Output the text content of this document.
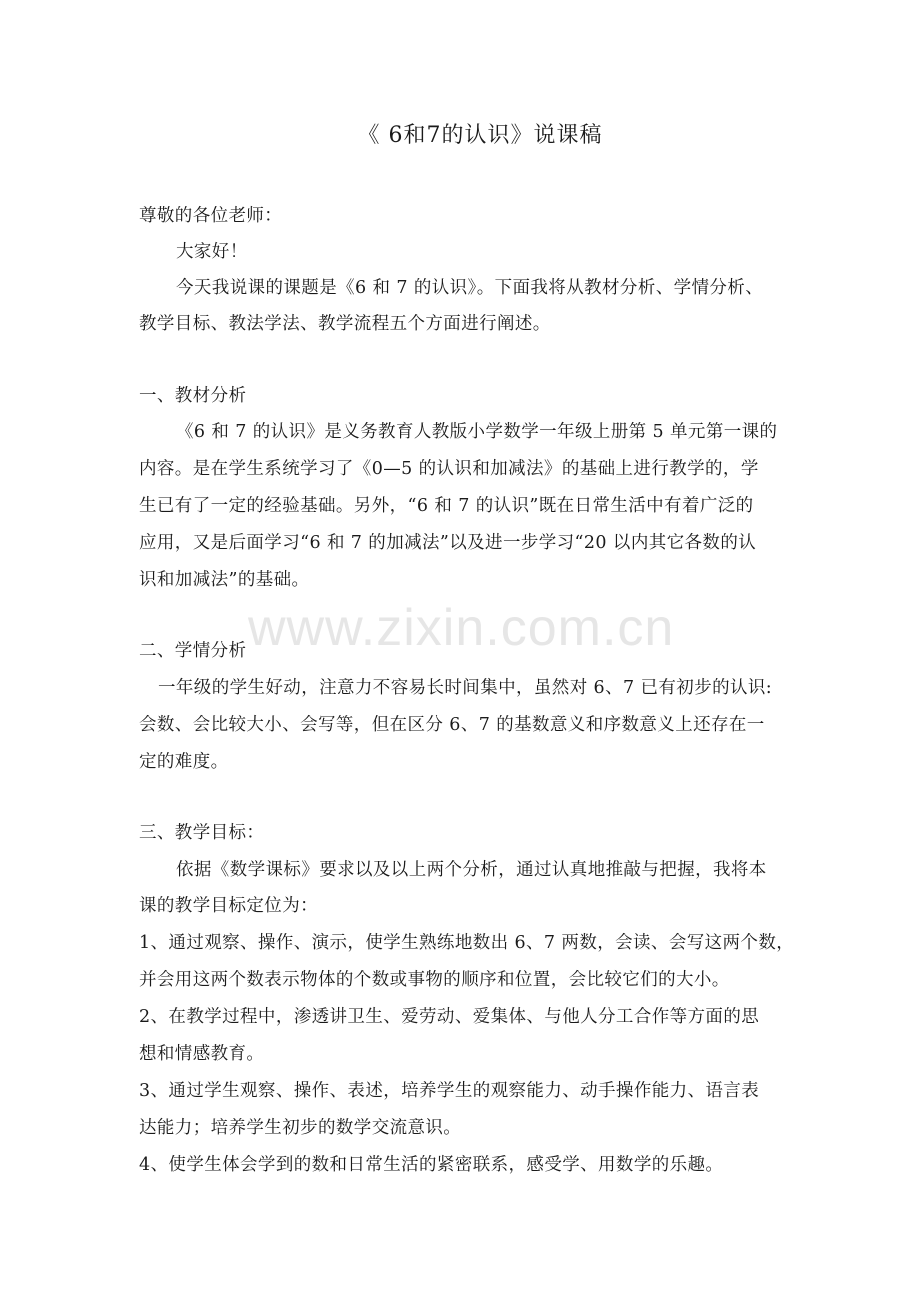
www.zixin.com.cn
《 6和7的认识》说课稿
尊敬的各位老师：
大家好！
今天我说课的课题是《6 和 7 的认识》。下面我将从教材分析、学情分析、
教学目标、教法学法、教学流程五个方面进行阐述。
一、教材分析
《6 和 7 的认识》是义务教育人教版小学数学一年级上册第 5 单元第一课的
内容。是在学生系统学习了《0—5 的认识和加减法》的基础上进行教学的，学
生已有了一定的经验基础。另外，“6 和 7 的认识”既在日常生活中有着广泛的
应用，又是后面学习“6 和 7 的加减法”以及进一步学习“20 以内其它各数的认
识和加减法”的基础。
二、学情分析
一年级的学生好动，注意力不容易长时间集中，虽然对 6、7 已有初步的认识:
会数、会比较大小、会写等，但在区分 6、7 的基数意义和序数意义上还存在一
定的难度。
三、教学目标：
依据《数学课标》要求以及以上两个分析，通过认真地推敲与把握，我将本
课的教学目标定位为：
1、通过观察、操作、演示，使学生熟练地数出 6、7 两数，会读、会写这两个数，
并会用这两个数表示物体的个数或事物的顺序和位置，会比较它们的大小。
2、在教学过程中，渗透讲卫生、爱劳动、爱集体、与他人分工合作等方面的思
想和情感教育。
3、通过学生观察、操作、表述，培养学生的观察能力、动手操作能力、语言表
达能力；培养学生初步的数学交流意识。
4、使学生体会学到的数和日常生活的紧密联系，感受学、用数学的乐趣。
